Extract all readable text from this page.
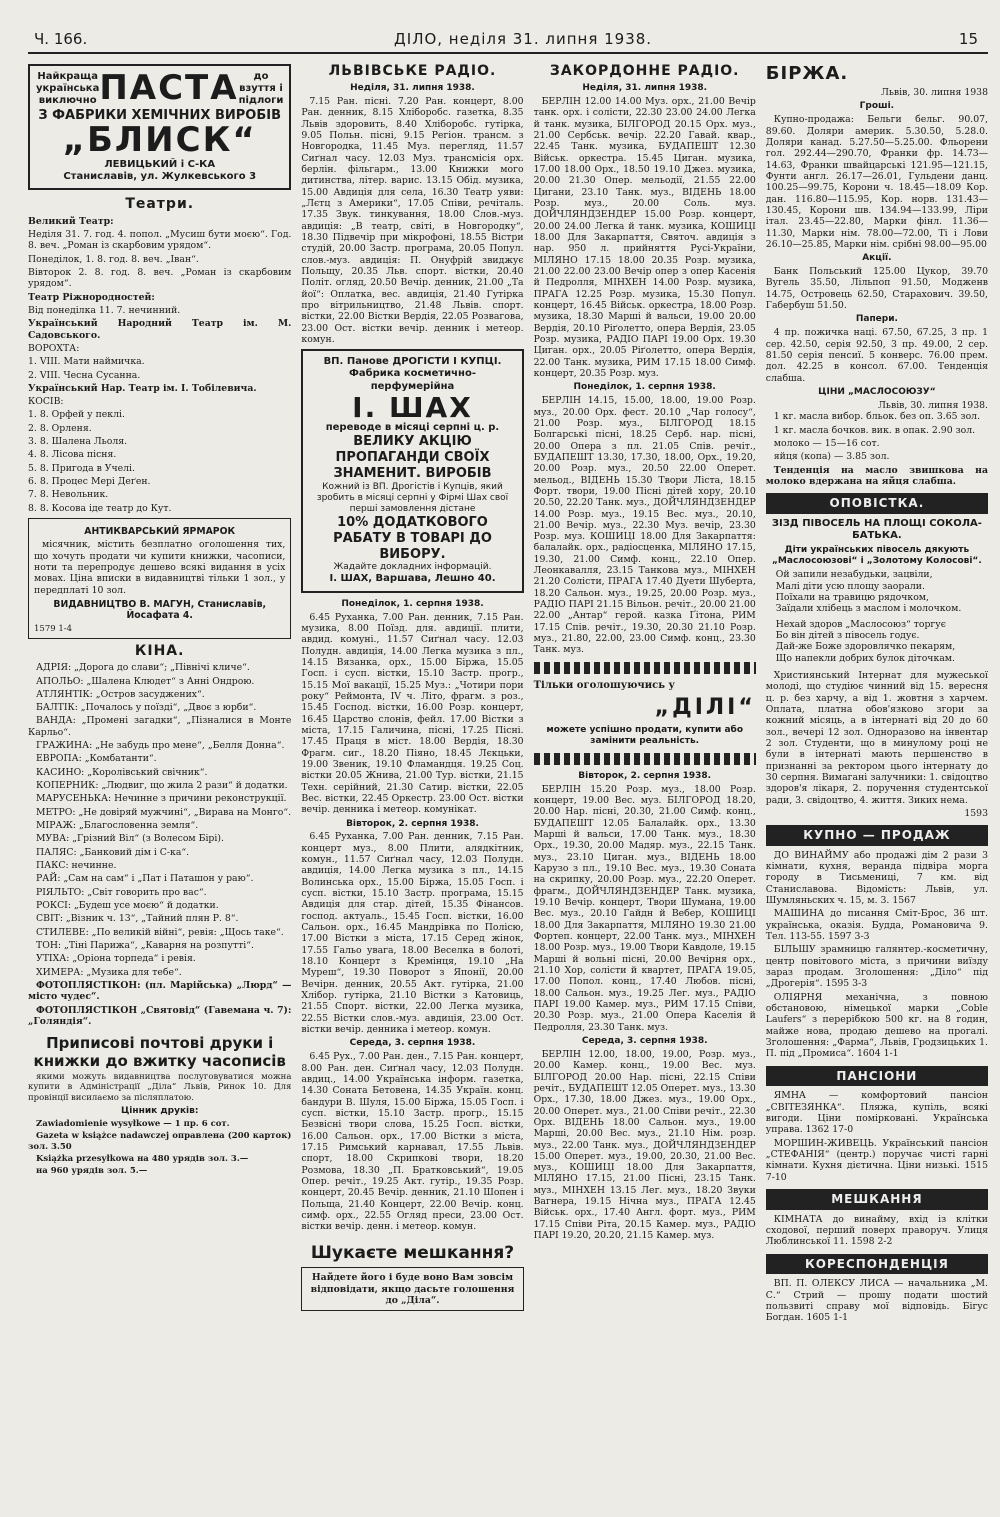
Ч. 166.	ДІЛО, неділя 31. липня 1938.	15
Найкраща українська виключно ПАСТА	до взуття і підлоги
З ФАБРИКИ ХЕМІЧНИХ ВИРОБІВ
„БЛИСК“
ЛЕВИЦЬКИЙ і С-КА
Станиславів, ул. Жулкевського 3
Театри.

Великий Театр:

Неділя 31. 7. год. 4. попол. „Мусиш бути моєю“. Год. 8. веч. „Роман із скарбовим урядом“.

Понеділок, 1. 8. год. 8. веч. „Іван“.

Вівторок 2. 8. год. 8. веч. „Роман із скарбовим урядом“.

Театр Ріжнородностей:

Від понеділка 11. 7. нечинний.

Український Народний Театр ім. М. Садовського.

ВОРОХТА:

1. VIII. Мати наймичка.

2. VIII. Чесна Сусанна.

Український Нар. Театр ім. І. Тобілевича.

КОСІВ:

1. 8. Орфей у пеклі.

2. 8. Орленя.

3. 8. Шалена Льоля.

4. 8. Лісова пісня.

5. 8. Пригода в Учелі.

6. 8. Процес Мері Деґен.

7. 8. Невольник.

8. 8. Косова іде театр до Кут.

АНТИКВАРСЬКИЙ ЯРМАРОК

місячник, містить безплатно оголошення тих, що хочуть продати чи купити книжки, часописи, ноти та перепродує дешево всякі видання в усіх мовах. Ціна вписки в видавництві тільки 1 зол., у передплаті 10 зол.

ВИДАВНИЦТВО В. МАГУН, Станиславів, Йосафата 4.
1579 1-4
КІНА.

АДРІЯ: „Дорога до слави“; „Північі кличе“.

АПОЛЬО: „Шалена Клюдет“ з Анні Ондрою.

АТЛЯНТІК: „Остров засуджених“.

БАЛТІК: „Почалось у поїзді“, „Двоє з юрби“.

ВАНДА: „Промені загадки“, „Пізналися в Монте Карльо“.

ГРАЖИНА: „Не забудь про мене“, „Белля Донна“.

ЕВРОПА: „Комбатанти“.

КАСИНО: „Королівський свічник“.

КОПЕРНИК: „Людвиг, що жила 2 рази“ й додатки.

МАРУСЕНЬКА: Нечинне з причини реконструкції.

МЕТРО: „Не довіряй мужчині“, „Вирава на Монго“.

МІРАЖ: „Благословенна земля“.

МУВА: „Грізний Віл“ (з Волесом Бірі).

ПАЛЯС: „Банковий дім і С-ка“.

ПАКС: нечинне.

РАЙ: „Сам на сам“ і „Пат і Паташон у раю“.

РІЯЛЬТО: „Світ говорить про вас“.

РОКСІ: „Будеш усе моєю“ й додатки.

СВІТ: „Візник ч. 13“, „Тайний плян Р. 8“.

СТИЛЕВЕ: „По великій війні“, ревія: „Щось такe“.

ТОН: „Тіні Парижа“, „Каварня на розпутті“.

УТІХА: „Оріона торпеда“ і ревія.

ХИМЕРА: „Музика для тебе“.

ФОТОПЛЯСТІКОН: (пл. Марійська) „Люрд“ — місто чудес“.

ФОТОПЛЯСТІКОН „Святовід“ (Гавемана ч. 7): „Голяндія“.

Приписові почтові друки і книжки до вжитку часописів

якими можуть видавництва послуговуватися можна купити в Адміністрації „Діла“ Львів, Ринок 10. Для провінції висилаємо за післяплатою.

Цінник друків:

Zawiadomienie wysyłkowe — 1 пр. 6 сот.

Gazeta w książce nadawczej оправлена (200 карток) зол. 3.50

Książka przesyłkowa на 480 урядів зол. 3.—

на 960 урядів зол. 5.—

ЛЬВІВСЬКЕ РАДІО.
Неділя, 31. липня 1938.

7.15 Ран. пісні. 7.20 Ран. концерт, 8.00 Ран. денник, 8.15 Хліборобс. газетка, 8.35 Львів здоровить, 8.40 Хліборобс. гутірка, 9.05 Польн. пісні, 9.15 Регіон. трансм. з Новгородка, 11.45 Муз. перегляд, 11.57 Сиґнал часу. 12.03 Муз. трансмісія орх. берлін. фільгарм., 13.00 Книжки мого дитинства, літер. варис. 13.15 Обід. музика, 15.00 Авдиція для села, 16.30 Театр уяви: „Лєтц з Америки“, 17.05 Співи, речіталь. 17.35 Звук. тинкування, 18.00 Слов.-муз. авдиція: „В театр, світі, в Новгородку“, 18.30 Підвечір при мікрофоні, 18.55 Вістри студій, 20.00 Застр. програма, 20.05 Попул. слов.-муз. авдиція: П. Онуфрій звиджує Польщу, 20.35 Льв. спорт. вістки, 20.40 Політ. огляд, 20.50 Вечір. денник, 21.00 „Та йої“: Оплатка, вес. авдиція, 21.40 Гутірка про вітрильництво, 21.48 Львів. спорт. вістки, 22.00 Вістки Вердія, 22.05 Розвагова, 23.00 Ост. вістки вечір. денник і метеор. комун.

ВП. Панове ДРОГІСТИ І КУПЦІ.
Фабрика косметично-перфумерійна
І. ШАХ
переводе в місяці серпні ц. р.
ВЕЛИКУ АКЦІЮ ПРОПАГАНДИ СВОЇХ ЗНАМЕНИТ. ВИРОБІВ
Кожний із ВП. Дрогістів і Купців, який зробить в місяці серпні у Фірмі Шах свої перші замовлення дістане
10% ДОДАТКОВОГО РАБАТУ В ТОВАРІ ДО ВИБОРУ.
Жадайте докладних інформацій.
І. ШАХ, Варшава, Лешно 40.
Понеділок, 1. серпня 1938.

6.45 Руханка, 7.00 Ран. денник, 7.15 Ран. музика, 8.00 Поїзд. для. авдиції. плити, авдид. комуні., 11.57 Сиґнал часу. 12.03 Полудн. авдиція, 14.00 Легка музика з пл., 14.15 Вязанка, орх., 15.00 Біржа, 15.05 Госп. і сусп. вістки, 15.10 Застр. прогр., 15.15 Мої вакації, 15.25 Муз.: „Чотири пори року“ Реймонта, IV ч. Літо, фрагм. з роз., 15.45 Господ. вістки, 16.00 Розр. концерт, 16.45 Царство слонів, фейл. 17.00 Вістки з міста, 17.15 Галичина, пісні, 17.25 Пісні. 17.45 Праця в міст. 18.00 Вердія, 18.30 Фрагм. сиг., 18.20 Піяно, 18.45 Лєкцьки, 19.00 Звеник, 19.10 Фламандця. 19.25 Соц. вістки 20.05 Жнива, 21.00 Тур. вістки, 21.15 Техн. серійний, 21.30 Сатир. вістки, 22.05 Вес. вістки, 22.45 Оркестр. 23.00 Ост. вістки вечір. денника і метеор. комунікат.

Вівторок, 2. серпня 1938.

6.45 Руханка, 7.00 Ран. денник, 7.15 Ран. концерт муз., 8.00 Плити, алядкітник, комун., 11.57 Сиґнал часу, 12.03 Полудн. авдиція, 14.00 Легка музика з пл., 14.15 Волинська орх., 15.00 Біржа, 15.05 Госп. і сусп. вістки, 15.10 Застр. програма, 15.15 Авдиція для стар. дітей, 15.35 Фінансов. господ. актуаль., 15.45 Госп. вістки, 16.00 Сальон. орх., 16.45 Мандрівка по Полісю, 17.00 Вістки з міста, 17.15 Серед жінок, 17.55 Гальо увага, 18.00 Веселка в болоті, 18.10 Концерт з Кремінця, 19.10 „На Муреш“, 19.30 Поворот з Японії, 20.00 Вечірн. денник, 20.55 Акт. гутірка, 21.00 Хлібор. гутірка, 21.10 Вістки з Катовиць, 21.55 Спорт. вістки, 22.00 Легка музика, 22.55 Вістки слов.-муз. авдиція, 23.00 Ост. вістки вечір. денника і метеор. комун.

Середа, 3. серпня 1938.

6.45 Рух., 7.00 Ран. ден., 7.15 Ран. концерт, 8.00 Ран. ден. Сиґнал часу, 12.03 Полудн. авдиц., 14.00 Українська інформ. газетка, 14.30 Соната Бетовена, 14.35 Україн. конц. бандури В. Шуля, 15.00 Біржа, 15.05 Госп. і сусп. вістки, 15.10 Застр. прогр., 15.15 Безвісні твори слова, 15.25 Госп. вістки, 16.00 Сальон. орх., 17.00 Вістки з міста, 17.15 Римський карнавал, 17.55 Львів. спорт, 18.00 Скрипкові твори, 18.20 Розмова, 18.30 „П. Братковський“, 19.05 Опер. речіт., 19.25 Акт. гутір., 19.35 Розр. концерт, 20.45 Вечір. денник, 21.10 Шопен і Польща, 21.40 Концерт, 22.00 Вечір. конц. симф. орх., 22.55 Огляд преси, 23.00 Ост. вістки вечір. денн. і метеор. комун.

Шукаєте мешкання?
Найдете його і буде воно Вам зовсім відповідати, якщо дасьте голошення до „Діла“.
ЗАКОРДОННЕ РАДІО.
Неділя, 31. липня 1938.

БЕРЛІН 12.00 14.00 Муз. орх., 21.00 Вечір танк. орх. і солісти, 22.30 23.00 24.00 Легка й танк. музика, БІЛГОРОД 20.15 Орх. муз., 21.00 Сербськ. вечір. 22.20 Гавай. квар., 22.45 Танк. музика, БУДАПЕШТ 12.30 Військ. оркестра. 15.45 Циган. музика, 17.00 18.00 Орх., 18.50 19.10 Джез. музика, 20.00 21.30 Опер. мельодії, 21.55 22.00 Цигани, 23.10 Танк. муз., ВІДЕНЬ 18.00 Розр. муз., 20.00 Соль. муз. ДОЙЧЛЯНДЗЕНДЕР 15.00 Розр. концерт, 20.00 24.00 Легка й танк. музика, КОШИЦІ 18.00 Для Закарпаття, Святоч. авдиція з нар. 950 л. прийняття Русі-України, МІЛЯНО 17.15 18.00 20.35 Розр. музика, 21.00 22.00 23.00 Вечір опер з опер Касенія й Педролля, МІНХЕН 14.00 Розр. музика, ПРАГА 12.25 Розр. музика, 15.30 Попул. концерт, 16.45 Військ. оркестра, 18.00 Розр. музика, 18.30 Марші й вальси, 19.00 20.00 Вердія, 20.10 Ріґолетто, опера Вердія, 23.05 Розр. музика, РАДІО ПАРІ 19.00 Орх. 19.30 Циган. орх., 20.05 Ріґолетто, опера Вердія, 22.00 Танк. музика, РИМ 17.15 18.00 Симф. концерт, 20.35 Розр. муз.

Понеділок, 1. серпня 1938.

БЕРЛІН 14.15, 15.00, 18.00, 19.00 Розр. муз., 20.00 Орх. фест. 20.10 „Чар голосу“, 21.00 Розр. муз., БІЛГОРОД 18.15 Болгарські пісні, 18.25 Серб. нар. пісні, 20.00 Опера з пл. 21.05 Спів. речіт., БУДАПЕШТ 13.30, 17.30, 18.00, Орх., 19.20, 20.00 Розр. муз., 20.50 22.00 Оперет. мельод., ВІДЕНЬ 15.30 Твори Ліста, 18.15 Форт. твори, 19.00 Пісні дітей хору, 20.10 20.50, 22.20 Танк. муз., ДОЙЧЛЯНДЗЕНДЕР 14.00 Розр. муз., 19.15 Вес. муз., 20.10, 21.00 Вечір. муз., 22.30 Муз. вечір, 23.30 Розр. муз. КОШИЦІ 18.00 Для Закарпаття: балалайк. орх., радіосценка, МІЛЯНО 17.15, 19.30, 21.00 Симф. конц., 22.10 Опер. Леонкавалля, 23.15 Танкова муз., МІНХЕН 21.20 Солісти, ПРАГА 17.40 Дуети Шуберта, 18.20 Сальон. муз., 19.25, 20.00 Розр. муз., РАДІО ПАРІ 21.15 Вільон. речіт., 20.00 21.00 22.00 „Антар“ герой. казка Ґітона, РИМ 17.15 Спів. речіт., 19.30, 20.30 21.10 Розр. муз., 21.80, 22.00, 23.00 Симф. конц., 23.30 Танк. муз.

Тільки оголошуючись у
„ДІЛІ“
можете успішно продати, купити або замінити реальність.
Вівторок, 2. серпня 1938.

БЕРЛІН 15.20 Розр. муз., 18.00 Розр. концерт, 19.00 Вес. муз. БІЛГОРОД 18.20, 20.00 Нар. пісні, 20.30, 21.00 Симф. конц., БУДАПЕШТ 12.05 Балалайк. орх., 13.30 Марші й вальси, 17.00 Танк. муз., 18.30 Орх., 19.30, 20.00 Мадяр. муз., 22.15 Танк. муз., 23.10 Циган. муз., ВІДЕНЬ 18.00 Карузо з пл., 19.10 Вес. муз., 19.30 Соната на скрипку, 20.00 Розр. муз., 22.20 Оперет. фрагм., ДОЙЧЛЯНДЗЕНДЕР Танк. музика, 19.10 Вечір. концерт, Твори Шумана, 19.00 Вес. муз., 20.10 Гайдн й Вебер, КОШИЦІ 18.00 Для Закарпаття, МІЛЯНО 19.30 21.00 Фортеп. концерт, 22.00 Танк. муз., МІНХЕН 18.00 Розр. муз., 19.00 Твори Кавдоле, 19.15 Марші й вольні пісні, 20.00 Вечірня орх., 21.10 Хор, солісти й квартет, ПРАГА 19.05, 17.00 Попол. конц., 17.40 Любов. пісні, 18.00 Сальон. муз., 19.25 Лег. муз., РАДІО ПАРІ 19.00 Камер. муз., РИМ 17.15 Співи, 20.30 Розр. муз., 21.00 Опера Каселія й Педролля, 23.30 Танк. муз.

Середа, 3. серпня 1938.

БЕРЛІН 12.00, 18.00, 19.00, Розр. муз., 20.00 Камер. конц., 19.00 Вес. муз. БІЛГОРОД 20.00 Нар. пісні, 22.15 Співи речіт., БУДАПЕШТ 12.05 Оперет. муз., 13.30 Орх., 17.30, 18.00 Джез. муз., 19.00 Орх., 20.00 Оперет. муз., 21.00 Співи речіт., 22.30 Орх. ВІДЕНЬ 18.00 Сальон. муз., 19.00 Марші, 20.00 Вес. муз., 21.10 Нім. розр. муз., 22.00 Танк. муз., ДОЙЧЛЯНДЗЕНДЕР 15.00 Оперет. муз., 19.00, 20.30, 21.00 Вес. муз., КОШИЦІ 18.00 Для Закарпаття, МІЛЯНО 17.15, 21.00 Пісні, 23.15 Танк. муз., МІНХЕН 13.15 Лег. муз., 18.20 Звуки Вагнера, 19.15 Нічна муз., ПРАГА 12.45 Військ. орх., 17.40 Англ. форт. муз., РИМ 17.15 Співи Ріта, 20.15 Камер. муз., РАДІО ПАРІ 19.20, 20.20, 21.15 Камер. муз.

БІРЖА.
Львів, 30. липня 1938
Гроші.

Купно-продажа: Бельги бельг. 90.07, 89.60. Доляри америк. 5.30.50, 5.28.0. Доляри канад. 5.27.50—5.25.00. Фльорени гол. 292.44—290.70, Франки фр. 14.73—14.63, Франки швайцарські 121.95—121.15, Фунти англ. 26.17—26.01, Гульдени данц. 100.25—99.75, Корони ч. 18.45—18.09 Кор. дан. 116.80—115.95, Кор. норв. 131.43—130.45, Корони шв. 134.94—133.99, Ліри італ. 23.45—22.80, Марки фінл. 11.36—11.30, Марки нім. 78.00—72.00, Ті і Лови 26.10—25.85, Марки нім. срібні 98.00—95.00

Акції.

Банк Польський 125.00 Цукор, 39.70 Вугель 35.50, Лільпоп 91.50, Модженв 14.75, Островець 62.50, Старахович. 39.50, Габербуш 51.50.

Папери.

4 пр. пожичка наці. 67.50, 67.25, 3 пр. 1 сер. 42.50, серія 92.50, 3 пр. 49.00, 2 сер. 81.50 серія пенсиї. 5 конверс. 76.00 прем. дол. 42.25 в консол. 67.00. Тенденція слабша.

ЦІНИ „МАСЛОСОЮЗУ“
Львів, 30. липня 1938.

1 кг. масла вибор. бльок. без оп. 3.65 зол.

1 кг. масла бочков. вик. в опак. 2.90 зол.

молоко — 15—16 сот.

яйця (копа) — 3.85 зол.

Тенденція на масло звишкова на молоко вдержана на яйця слабша.

ОПОВІСТКА.
ЗІЗД ПІВОСЕЛЬ НА ПЛОЩІ СОКОЛА-БАТЬКА.
Діти українських півосель дякують „Маслосоюзові“ і „Золотому Колосові“.
Ой запили незабудьки, зацвіли,
Малі діти усю площу заорали.
Поїхали на травицю рядочком,
Заїдали хлібець з маслом і молочком.
Нехай здоров „Маслосоюз“ торгує
Бо він дітей з півосель годує.
Дай-же Боже здоровлячко пекарям,
Що напекли добрих булок діточкам.

Християнський Інтернат для мужеської молоді, що студіює чинний від 15. вересня ц. р. без харчу, а від 1. жовтня з харчем. Оплата, платна обов'язково згори за кожний місяць, а в інтернаті від 20 до 60 зол., вечері 12 зол. Одноразово на інвентар 2 зол. Студенти, що в минулому році не були в інтернаті мають першенство в признанні за ректором цього інтернату до 30 серпня. Вимагані залучники: 1. свідоцтво здоров'я лікаря, 2. поручення студентської ради, 3. свідоцтво, 4. життя. Зиких нема.

1593
КУПНО — ПРОДАЖ

ДО ВИНАЙМУ або продажі дім 2 рази 3 кімнати, кухня, веранда підвіра морга городу в Тисьмениці, 7 км. від Станиславова. Відомість: Львів, ул. Шумляньских ч. 15, м. 3. 1567

МАШИНА до писання Сміт-Брос, 36 шт. українська, оказія. Будда, Романовича 9. Тел. 113-55. 1597 3-3

БІЛЬШУ зрамницю галянтер.-косметичну, центр повітового міста, з причини виїзду зараз продам. Зголошення: „Діло“ під „Дрогерія“. 1595 3-3

ОЛІЯРНЯ механічна, з повною обстановою, німецької марки „Coble Laufers“ з перерібкою 500 кг. на 8 годин, майже нова, продаю дешево на прогалі. Зголошення: „Фарма“, Львів, Гродзицьких 1. П. під „Промиса“. 1604 1-1

ПАНСІОНИ

ЯМНА — комфортовий пансіон „СВІТЕЗЯНКА“. Пляжа, купіль, всякі вигоди. Ціни поміркованi. Українська управа. 1362 17-0

МОРШИН-ЖИВЕЦЬ. Український пансіон „СТЕФАНІЯ“ (центр.) поручає чисті гарні кімнати. Кухня дієтична. Ціни низькі. 1515 7-10

МЕШКАННЯ

КІМНАТА до винайму, вхід із клітки сходової, перший поверх праворуч. Улиця Люблинської 11. 1598 2-2

КОРЕСПОНДЕНЦІЯ

ВП. П. ОЛЕКСУ ЛИСА — начальника „М. С.“ Стрий — прошу подати шостий пользвиті справу мої відповідь. Бігус Богдан. 1605 1-1
